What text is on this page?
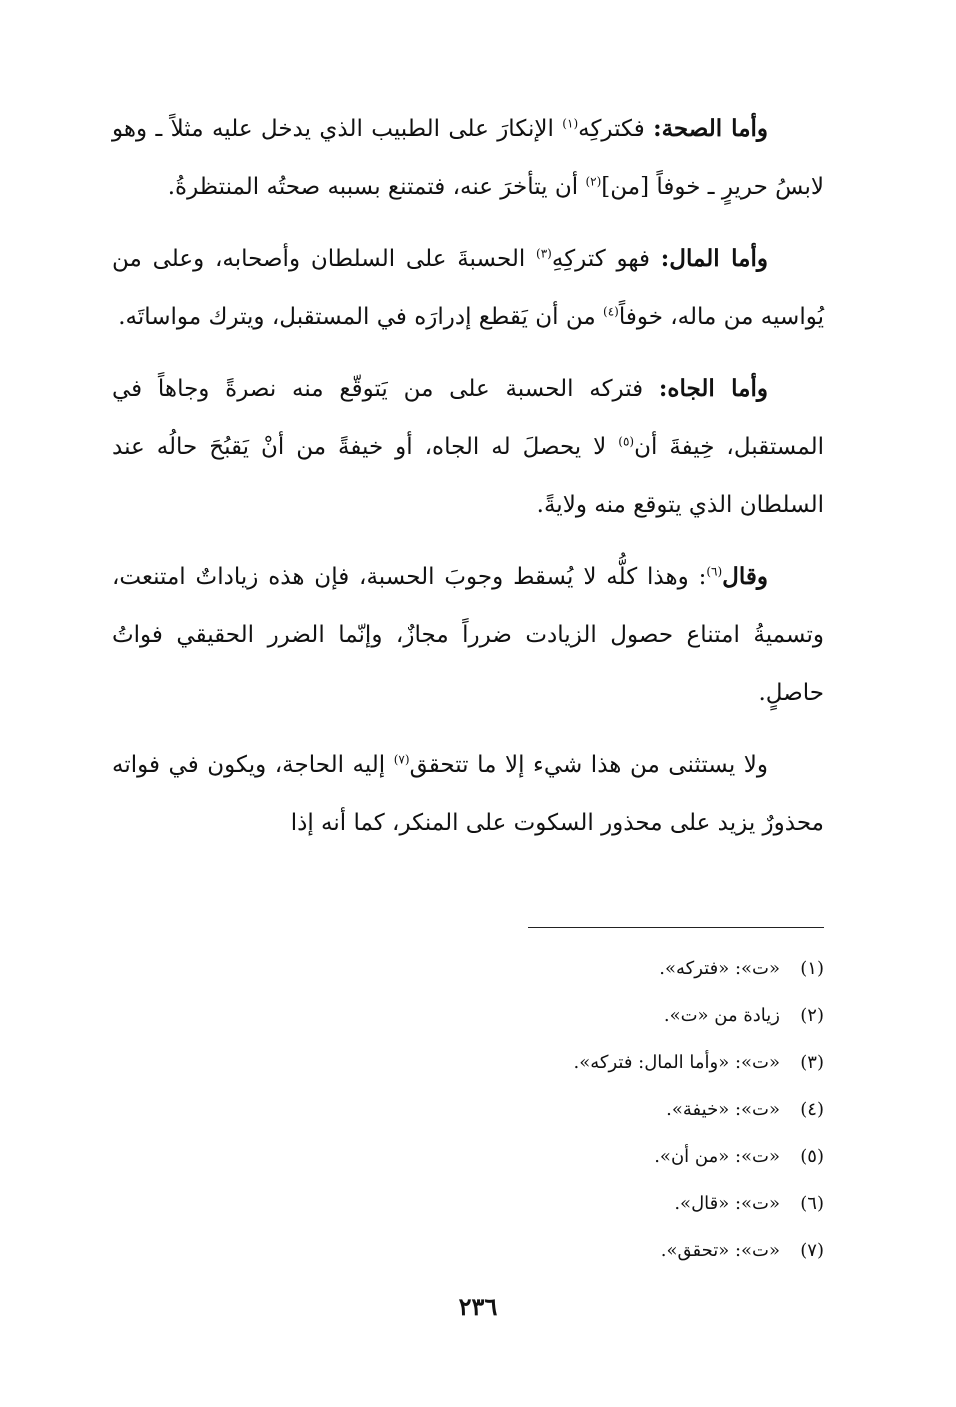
وأما الصحة: فكتركِه$^{(١)}$ الإنكارَ على الطبيب الذي يدخل عليه مثلاً ـ وهو لابسُ حريرٍ ـ خوفاً [من]$^{(٢)}$ أن يتأخرَ عنه، فتمتنع بسببه صحتُه المنتظرةُ.

وأما المال: فهو كتركِهِ$^{(٣)}$ الحسبةَ على السلطان وأصحابه، وعلى من يُواسيه من ماله، خوفاً$^{(٤)}$ من أن يَقطع إدرارَه في المستقبل، ويترك مواساتَه.

وأما الجاه: فتركه الحسبة على من يَتوقّع منه نصرةً وجاهاً في المستقبل، خِيفةَ أن$^{(٥)}$ لا يحصلَ له الجاه، أو خيفةً من أنْ يَقبُحَ حالُه عند السلطان الذي يتوقع منه ولايةً.

وقال$^{(٦)}$: وهذا كلُّه لا يُسقط وجوبَ الحسبة، فإن هذه زياداتٌ امتنعت، وتسميةُ امتناع حصول الزيادت ضرراً مجازٌ، وإنّما الضرر الحقيقي فواتُ حاصلٍ.

ولا يستثنى من هذا شيء إلا ما تتحقق$^{(٧)}$ إليه الحاجة، ويكون في فواته محذورٌ يزيد على محذور السكوت على المنكر، كما أنه إذا

(١)«ت»: «فتركه».
(٢)زيادة من «ت».
(٣)«ت»: «وأما المال: فتركه».
(٤)«ت»: «خيفة».
(٥)«ت»: «من أن».
(٦)«ت»: «قال».
(٧)«ت»: «تحقق».
٢٣٦
